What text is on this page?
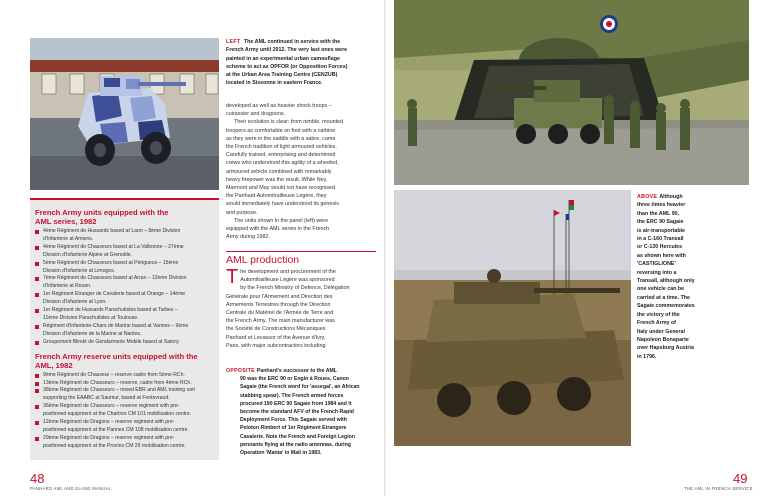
LEFT The AML continued in service with the
French Army until 2012. The very last ones were
painted in an experimental urban camouflage
scheme to act as OPFOR (or Opposition Forces)
at the Urban Area Training Centre (CENZUB)
located in Sissonne in eastern France.
French Army units equipped with the
AML series, 1982
4ème Régiment de Hussards based at Laon – 8ème Division
d'Infanterie at Amiens.
4ème Régiment de Chasseurs based at La Valbonne – 27ème
Division d'Infanterie Alpine at Grenoble.
5ème Régiment de Chasseurs based at Périgueux – 15ème
Division d'Infanterie at Limoges.
7ème Régiment de Chasseurs based at Arras – 12ème Division
d'Infanterie at Rouen.
1er Régiment Etranger de Cavalerie based at Orange – 14ème
Division d'Infanterie at Lyon.
1er Régiment de Hussards Parachutistes based at Tarbes –
11ème Division Parachutistes at Toulouse.
Régiment d'Infanterie-Chars de Marine based at Vannes – 9ème
Division d'Infanterie de la Marine at Nantes.
Groupement Blindé de Gendarmerie Mobile based at Satory.
French Army reserve units equipped with the
AML, 1982
9ème Régiment de Chasseur – reserve cadre from 5ème RCh.
13ème Régiment de Chasseurs – reserve, cadre from 4ème RCh.
38ème Régiment de Chasseurs – mixed EBR and AML training unit
supporting the EAABC at Saumur, based at Fontevraud.
36ème Régiment de Chasseurs – reserve regiment with pre-
positioned equipment at the Chartres CM 101 mobilisation centre.
12ème Régiment de Dragons – reserve regiment with pre-
positioned equipment at the Pannes CM 108 mobilisation centre.
29ème Régiment de Dragons – reserve regiment with pre-
positioned equipment at the Provins CM 29 mobilisation centre.
developed as well as heavier shock troops –
cuirassier and dragoons.
Their evolution is clear: from nimble, mounted
troopers as comfortable on foot with a carbine
as they were in the saddle with a sabre, came
the French tradition of light armoured vehicles.
Carefully trained, enterprising and determined
crews who understood this agility of a wheeled,
armoured vehicle combined with remarkably
heavy firepower was the result. While Ney,
Marmont and May would not have recognised
the Panhard Automitrailleuse Légère, they
would immediately have understood its genesis
and purpose.
The units shown in the panel (left) were
equipped with the AML series in the French
Army during 1982.
AML production
T he development and procurement of the
Automitrailleuse Légère was sponsored
by the French Ministry of Defence, Délégation
Générale pour l'Armement and Direction des
Armements Terrestres through the Direction
Centrale du Matériel de l'Armée de Terre and
the French Army. The main manufacturer was
the Société de Constructions Mécaniques
Panhard et Levassor of the Avenue d'Ivry,
Paris, with major subcontractors including
OPPOSITE Panhard's successor to the AML
90 was the ERC 90 or Engin à Roues, Canon
Sagaie (the French word for 'assegai', an African
stabbing spear). The French armed forces
procured 190 ERC 90 Sagaie from 1984 and it
become the standard AFV of the French Rapid
Deployment Force. This Sagaie served with
Peloton Rimbert of 1er Régiment Etrangere
Cavalerie. Note the French and Foreign Legion
pennants flying at the radio antennas, during
Operation 'Manta' in Mali in 1983.
48
PANHARD AML AND ELAND MANUAL
ABOVE Although
three times heavier
than the AML 90,
the ERC 90 Sagaie
is air-transportable
in a C-160 Transall
or C-130 Hercules
as shown here with
'CASTIGLIONE'
reversing into a
Transall, although only
one vehicle can be
carried at a time. The
Sagaie commemorates
the victory of the
French Army of
Italy under General
Napoleon Bonaparte
over Hapsburg Austria
in 1796.
49
THE AML IN FRENCH SERVICE
